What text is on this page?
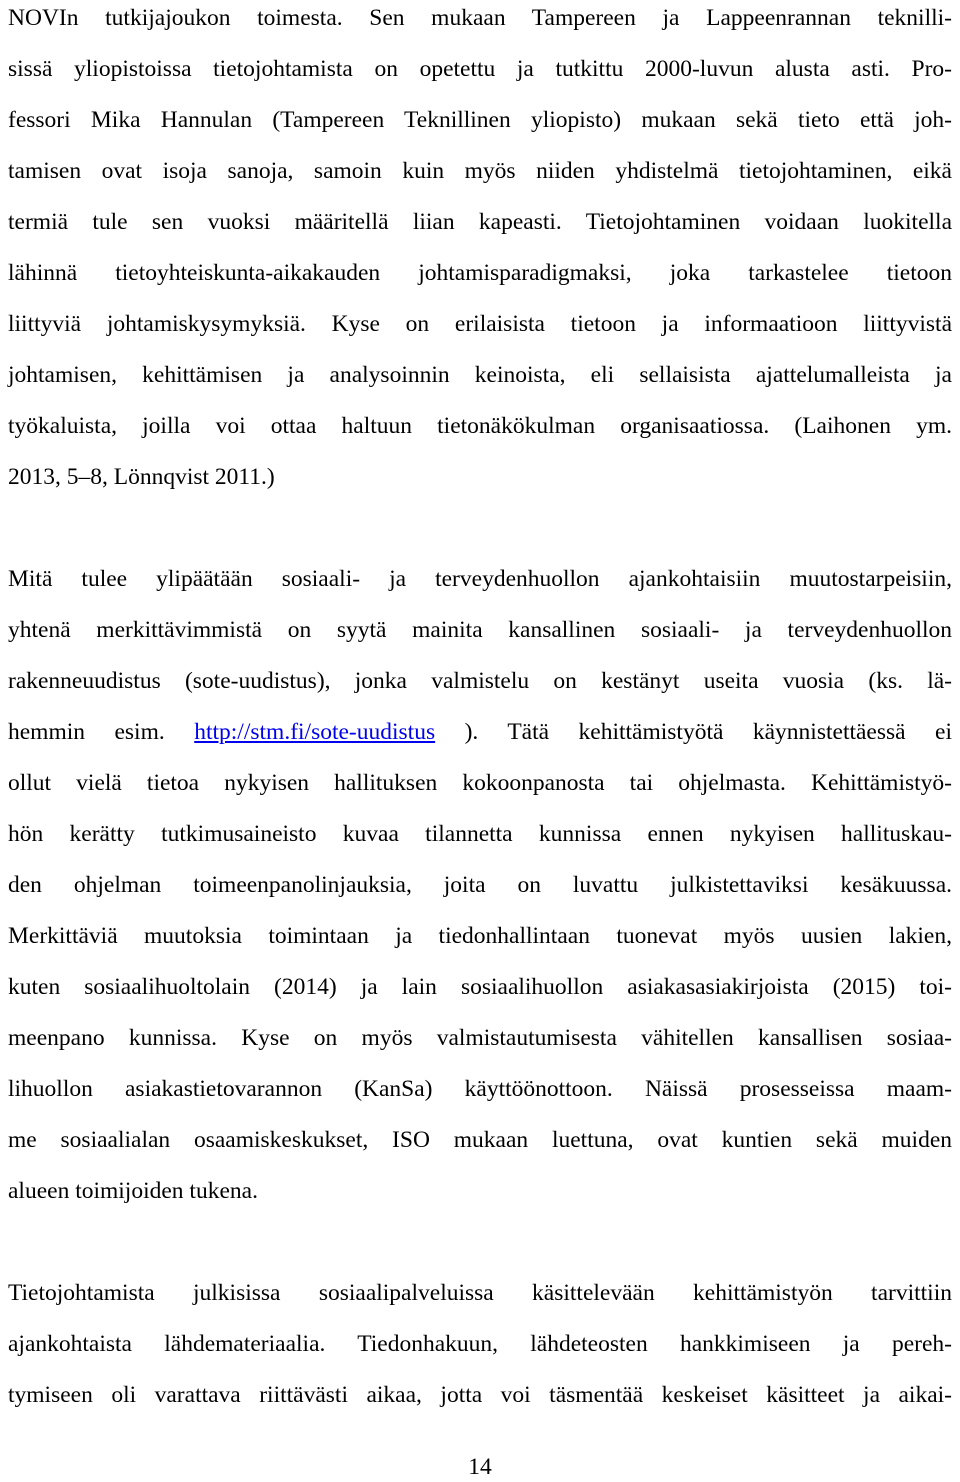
NOVIn tutkijajoukon toimesta. Sen mukaan Tampereen ja Lappeenrannan teknilli-
sissä yliopistoissa tietojohtamista on opetettu ja tutkittu 2000-luvun alusta asti. Pro-
fessori Mika Hannulan (Tampereen Teknillinen yliopisto) mukaan sekä tieto että joh-
tamisen ovat isoja sanoja, samoin kuin myös niiden yhdistelmä tietojohtaminen, eikä
termiä tule sen vuoksi määritellä liian kapeasti. Tietojohtaminen voidaan luokitella
lähinnä tietoyhteiskunta-aikakauden johtamisparadigmaksi, joka tarkastelee tietoon
liittyviä johtamiskysymyksiä. Kyse on erilaisista tietoon ja informaatioon liittyvistä
johtamisen, kehittämisen ja analysoinnin keinoista, eli sellaisista ajattelumalleista ja
työkaluista, joilla voi ottaa haltuun tietonäkökulman organisaatiossa. (Laihonen ym.
2013, 5–8, Lönnqvist 2011.)
Mitä tulee ylipäätään sosiaali- ja terveydenhuollon ajankohtaisiin muutostarpeisiin,
yhtenä merkittävimmistä on syytä mainita kansallinen sosiaali- ja terveydenhuollon
rakenneuudistus (sote-uudistus), jonka valmistelu on kestänyt useita vuosia (ks. lä-
hemmin esim. http://stm.fi/sote-uudistus ). Tätä kehittämistyötä käynnistettäessä ei
ollut vielä tietoa nykyisen hallituksen kokoonpanosta tai ohjelmasta. Kehittämistyö-
hön kerätty tutkimusaineisto kuvaa tilannetta kunnissa ennen nykyisen hallituskau-
den ohjelman toimeenpanolinjauksia, joita on luvattu julkistettaviksi kesäkuussa.
Merkittäviä muutoksia toimintaan ja tiedonhallintaan tuonevat myös uusien lakien,
kuten sosiaalihuoltolain (2014) ja lain sosiaalihuollon asiakasasiakirjoista (2015) toi-
meenpano kunnissa. Kyse on myös valmistautumisesta vähitellen kansallisen sosiaa-
lihuollon asiakastietovarannon (KanSa) käyttöönottoon. Näissä prosesseissa maam-
me sosiaalialan osaamiskeskukset, ISO mukaan luettuna, ovat kuntien sekä muiden
alueen toimijoiden tukena.
Tietojohtamista julkisissa sosiaalipalveluissa käsittelevään kehittämistyön tarvittiin
ajankohtaista lähdemateriaalia. Tiedonhakuun, lähdeteosten hankkimiseen ja pereh-
tymiseen oli varattava riittävästi aikaa, jotta voi täsmentää keskeiset käsitteet ja aikai-
14
